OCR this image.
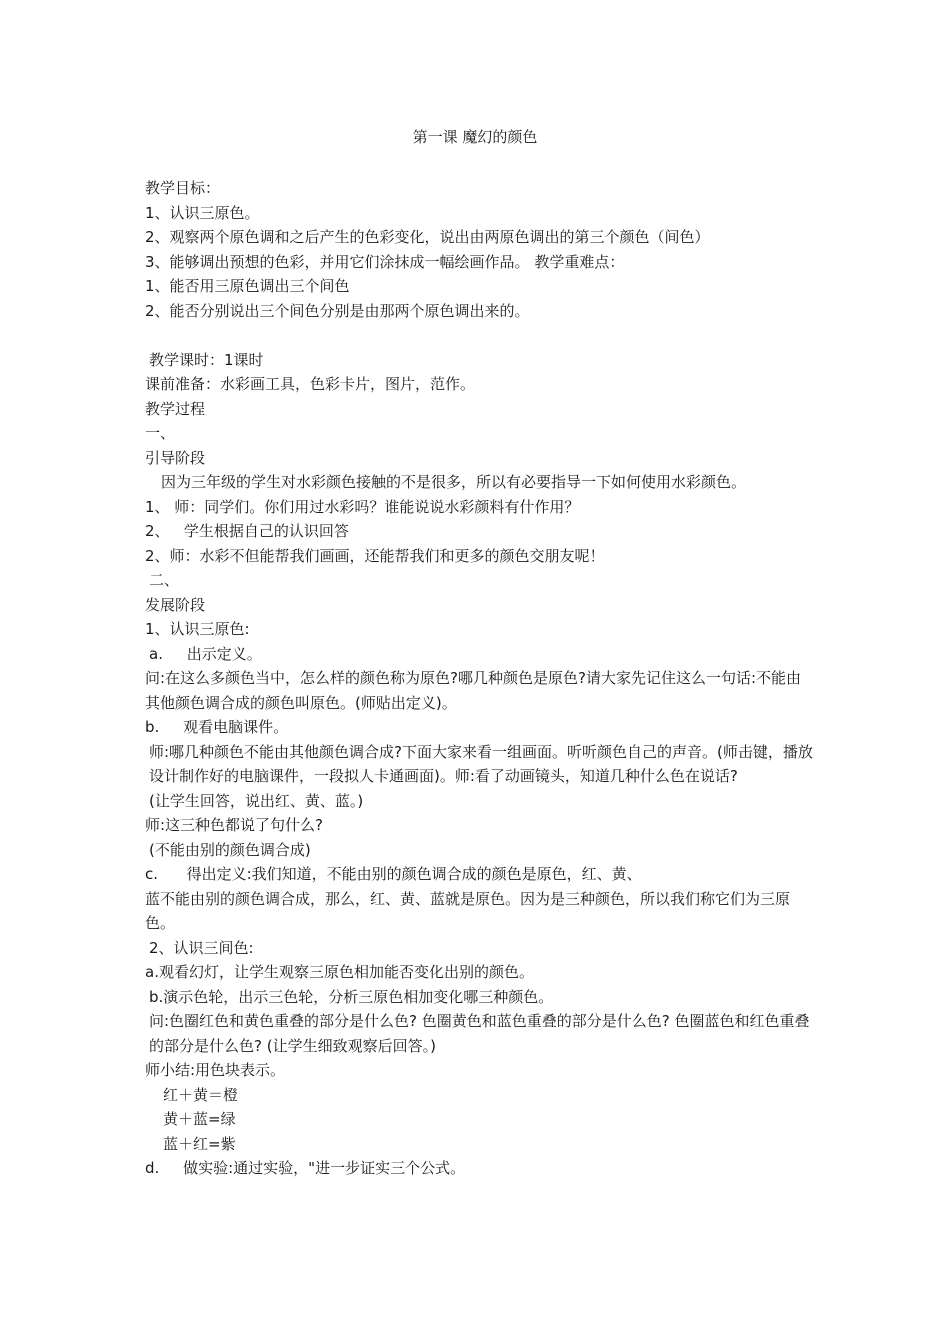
第一课 魔幻的颜色
教学目标：
1、认识三原色。
2、观察两个原色调和之后产生的色彩变化，说出由两原色调出的第三个颜色（间色）
3、能够调出预想的色彩，并用它们涂抹成一幅绘画作品。 教学重难点：
1、能否用三原色调出三个间色
2、能否分别说出三个间色分别是由那两个原色调出来的。
教学课时：1课时
课前准备：水彩画工具，色彩卡片，图片，范作。
教学过程
一、
引导阶段
因为三年级的学生对水彩颜色接触的不是很多，所以有必要指导一下如何使用水彩颜色。
1、 师：同学们。你们用过水彩吗？谁能说说水彩颜料有什作用？
2、   学生根据自己的认识回答
2、师：水彩不但能帮我们画画，还能帮我们和更多的颜色交朋友呢！
二、
发展阶段
1、认识三原色:
a.     出示定义。
问:在这么多颜色当中，怎么样的颜色称为原色?哪几种颜色是原色?请大家先记住这么一句话:不能由其他颜色调合成的颜色叫原色。(师贴出定义)。
b.     观看电脑课件。
师:哪几种颜色不能由其他颜色调合成?下面大家来看一组画面。听听颜色自己的声音。(师击键，播放设计制作好的电脑课件，一段拟人卡通画面)。师:看了动画镜头，知道几种什么色在说话?
(让学生回答，说出红、黄、蓝。)
师:这三种色都说了句什么?
(不能由别的颜色调合成)
c.      得出定义:我们知道，不能由别的颜色调合成的颜色是原色，红、黄、
蓝不能由别的颜色调合成，那么，红、黄、蓝就是原色。因为是三种颜色，所以我们称它们为三原色。
2、认识三间色:
a.观看幻灯，让学生观察三原色相加能否变化出别的颜色。
b.演示色轮，出示三色轮，分析三原色相加变化哪三种颜色。
问:色圈红色和黄色重叠的部分是什么色? 色圈黄色和蓝色重叠的部分是什么色? 色圈蓝色和红色重叠的部分是什么色? (让学生细致观察后回答。)
师小结:用色块表示。
红＋黄＝橙
黄＋蓝=绿
蓝＋红=紫
d.     做实验:通过实验，"进一步证实三个公式。
